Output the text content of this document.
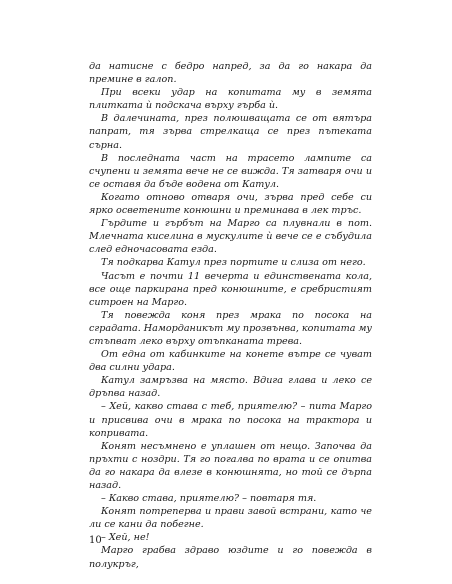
да натисне с бедро напред, за да го накара да премине в галоп.

При всеки удар на копитата му в земята плитката ѝ подскача върху гърба ѝ.

В далечината, през полюшващата се от вятъра папрат, тя зърва стрелкаща се през пътеката сърна.

В последната част на трасето лампите са счупени и земята вече не се вижда. Тя затваря очи и се оставя да бъде водена от Катул.

Когато отново отваря очи, зърва пред себе си ярко осветените конюшни и преминава в лек тръс.

Гърдите и гърбът на Марго са плувнали в пот. Млечната киселина в мускулите ѝ вече се е събудила след едночасовата езда.

Тя подкарва Катул през портите и слиза от него.

Часът е почти 11 вечерта и единствената кола, все още паркирана пред конюшните, е сребристият ситроен на Марго.

Тя повежда коня през мрака по посока на сградата. Наморданикът му прозвънва, копитата му стъпват леко върху отъпканата трева.

От една от кабинките на конете вътре се чуват два силни удара.

Катул замръзва на място. Вдига глава и леко се дръпва назад.

– Хей, какво става с теб, приятелю? – пита Марго и присвива очи в мрака по посока на трактора и копривата.

Конят несъмнено е уплашен от нещо. Започва да пръхти с ноздри. Тя го погалва по врата и се опитва да го накара да влезе в конюшнята, но той се дърпа назад.

– Какво става, приятелю? – повтаря тя.

Конят потреперва и прави завой встрани, като че ли се кани да побегне.

– Хей, не!

Марго грабва здраво юздите и го повежда в полукръг,

10
